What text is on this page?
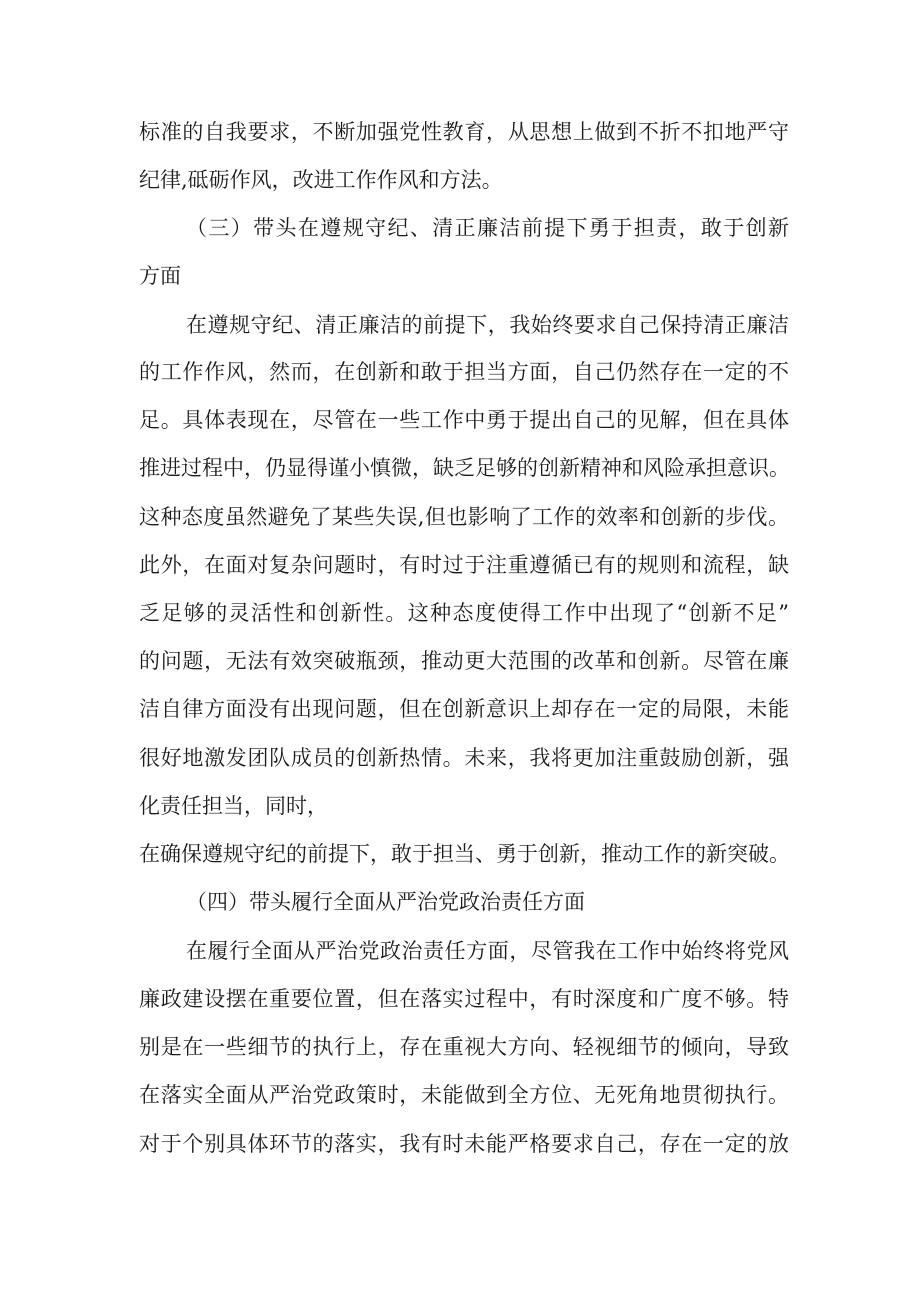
标准的自我要求，不断加强党性教育，从思想上做到不折不扣地严守
纪律,砥砺作风，改进工作作风和方法。
（三）带头在遵规守纪、清正廉洁前提下勇于担责，敢于创新
方面
在遵规守纪、清正廉洁的前提下，我始终要求自己保持清正廉洁
的工作作风，然而，在创新和敢于担当方面，自己仍然存在一定的不
足。具体表现在，尽管在一些工作中勇于提出自己的见解，但在具体
推进过程中，仍显得谨小慎微，缺乏足够的创新精神和风险承担意识。
这种态度虽然避免了某些失误,但也影响了工作的效率和创新的步伐。
此外，在面对复杂问题时，有时过于注重遵循已有的规则和流程，缺
乏足够的灵活性和创新性。这种态度使得工作中出现了“创新不足”
的问题，无法有效突破瓶颈，推动更大范围的改革和创新。尽管在廉
洁自律方面没有出现问题，但在创新意识上却存在一定的局限，未能
很好地激发团队成员的创新热情。未来，我将更加注重鼓励创新，强
化责任担当，同时，
在确保遵规守纪的前提下，敢于担当、勇于创新，推动工作的新突破。
（四）带头履行全面从严治党政治责任方面
在履行全面从严治党政治责任方面，尽管我在工作中始终将党风
廉政建设摆在重要位置，但在落实过程中，有时深度和广度不够。特
别是在一些细节的执行上，存在重视大方向、轻视细节的倾向，导致
在落实全面从严治党政策时，未能做到全方位、无死角地贯彻执行。
对于个别具体环节的落实，我有时未能严格要求自己，存在一定的放
